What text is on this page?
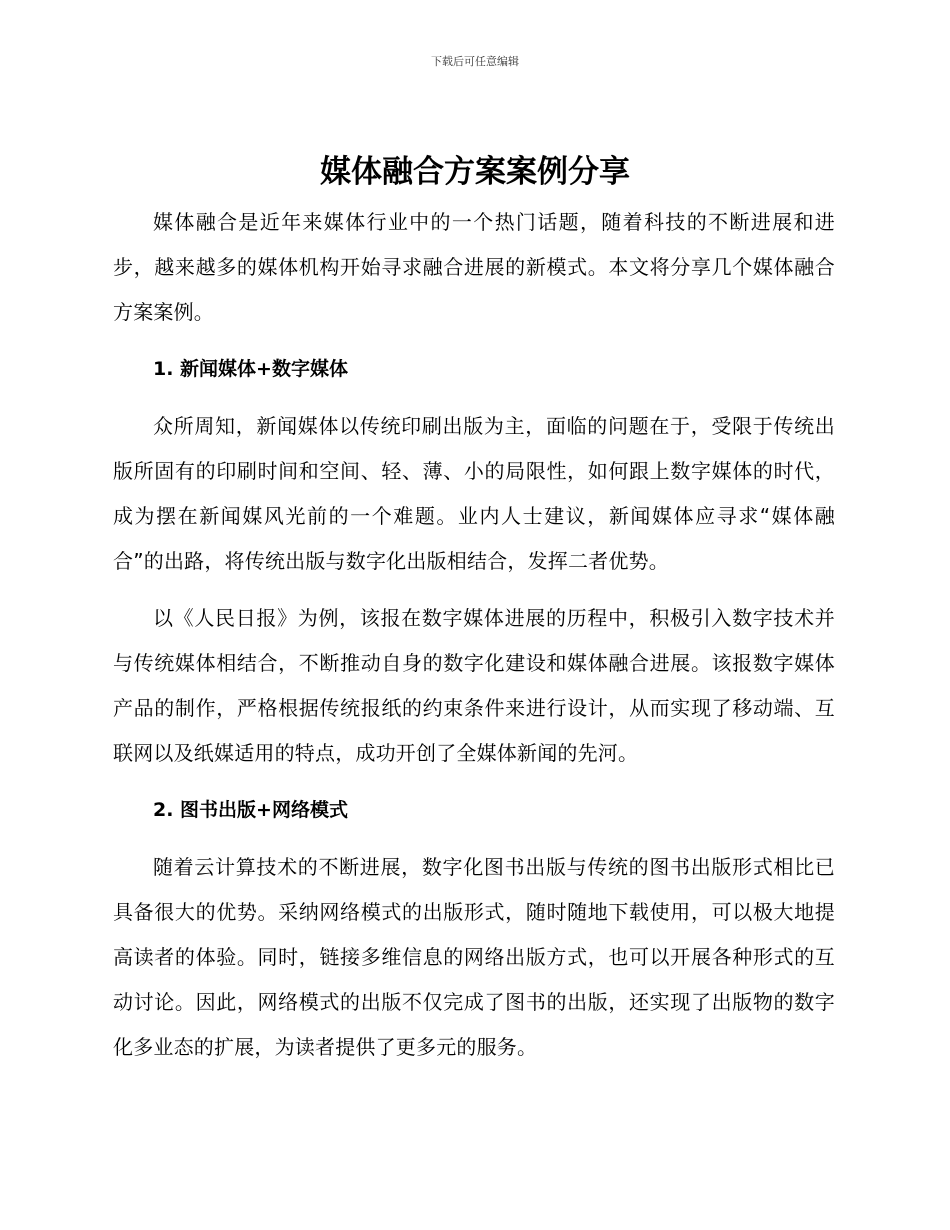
下载后可任意编辑
媒体融合方案案例分享

媒体融合是近年来媒体行业中的一个热门话题，随着科技的不断进展和进步，越来越多的媒体机构开始寻求融合进展的新模式。本文将分享几个媒体融合方案案例。

1. 新闻媒体+数字媒体

众所周知，新闻媒体以传统印刷出版为主，面临的问题在于，受限于传统出版所固有的印刷时间和空间、轻、薄、小的局限性，如何跟上数字媒体的时代，成为摆在新闻媒风光前的一个难题。业内人士建议，新闻媒体应寻求“媒体融合”的出路，将传统出版与数字化出版相结合，发挥二者优势。

以《人民日报》为例，该报在数字媒体进展的历程中，积极引入数字技术并与传统媒体相结合，不断推动自身的数字化建设和媒体融合进展。该报数字媒体产品的制作，严格根据传统报纸的约束条件来进行设计，从而实现了移动端、互联网以及纸媒适用的特点，成功开创了全媒体新闻的先河。

2. 图书出版+网络模式

随着云计算技术的不断进展，数字化图书出版与传统的图书出版形式相比已具备很大的优势。采纳网络模式的出版形式，随时随地下载使用，可以极大地提高读者的体验。同时，链接多维信息的网络出版方式，也可以开展各种形式的互动讨论。因此，网络模式的出版不仅完成了图书的出版，还实现了出版物的数字化多业态的扩展，为读者提供了更多元的服务。
